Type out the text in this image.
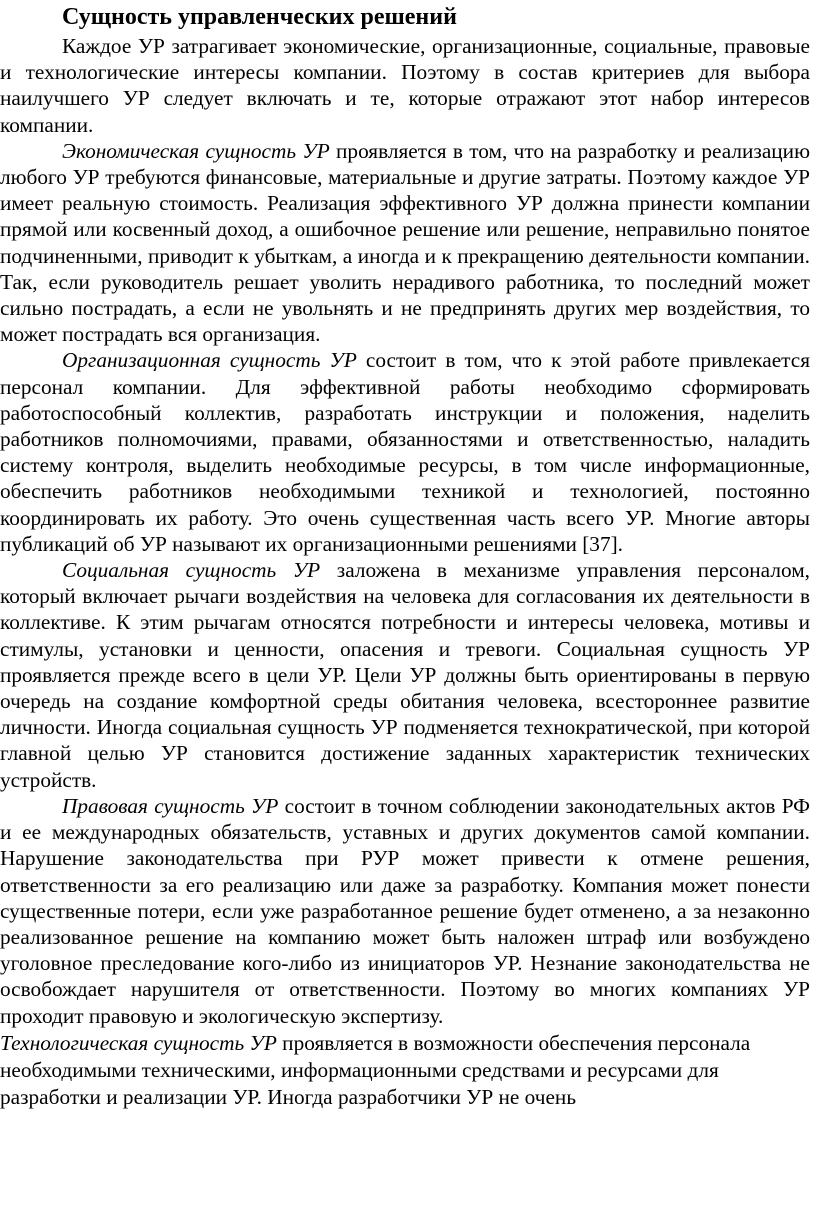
Сущность управленческих решений

Каждое УР затрагивает экономические, организационные, социальные, правовые и технологические интересы компании. Поэтому в состав критериев для выбора наилучшего УР следует включать и те, которые отражают этот набор интересов компании.

Экономическая сущность УР проявляется в том, что на разработку и реализацию любого УР требуются финансовые, материальные и другие затраты. Поэтому каждое УР имеет реальную стоимость. Реализация эффективного УР должна принести компании прямой или косвенный доход, а ошибочное решение или решение, неправильно понятое подчиненными, приводит к убыткам, а иногда и к прекращению деятельности компании. Так, если руководитель решает уволить нерадивого работника, то последний может сильно пострадать, а если не увольнять и не предпринять других мер воздействия, то может пострадать вся организация.

Организационная сущность УР состоит в том, что к этой работе привлекается персонал компании. Для эффективной работы необходимо сформировать работоспособный коллектив, разработать инструкции и положения, наделить работников полномочиями, правами, обязанностями и ответственностью, наладить систему контроля, выделить необходимые ресурсы, в том числе информационные, обеспечить работников необходимыми техникой и технологией, постоянно координировать их работу. Это очень существенная часть всего УР. Многие авторы публикаций об УР называют их организационными решениями [37].

Социальная сущность УР заложена в механизме управления персоналом, который включает рычаги воздействия на человека для согласования их деятельности в коллективе. К этим рычагам относятся потребности и интересы человека, мотивы и стимулы, установки и ценности, опасения и тревоги. Социальная сущность УР проявляется прежде всего в цели УР. Цели УР должны быть ориентированы в первую очередь на создание комфортной среды обитания человека, всестороннее развитие личности. Иногда социальная сущность УР подменяется технократической, при которой главной целью УР становится достижение заданных характеристик технических устройств.

Правовая сущность УР состоит в точном соблюдении законодательных актов РФ и ее международных обязательств, уставных и других документов самой компании. Нарушение законодательства при РУР может привести к отмене решения, ответственности за его реализацию или даже за разработку. Компания может понести существенные потери, если уже разработанное решение будет отменено, а за незаконно реализованное решение на компанию может быть наложен штраф или возбуждено уголовное преследование кого-либо из инициаторов УР. Незнание законодательства не освобождает нарушителя от ответственности. Поэтому во многих компаниях УР проходит правовую и экологическую экспертизу.

Технологическая сущность УР проявляется в возможности обеспечения персонала необходимыми техническими, информационными средствами и ресурсами для разработки и реализации УР. Иногда разработчики УР не очень
